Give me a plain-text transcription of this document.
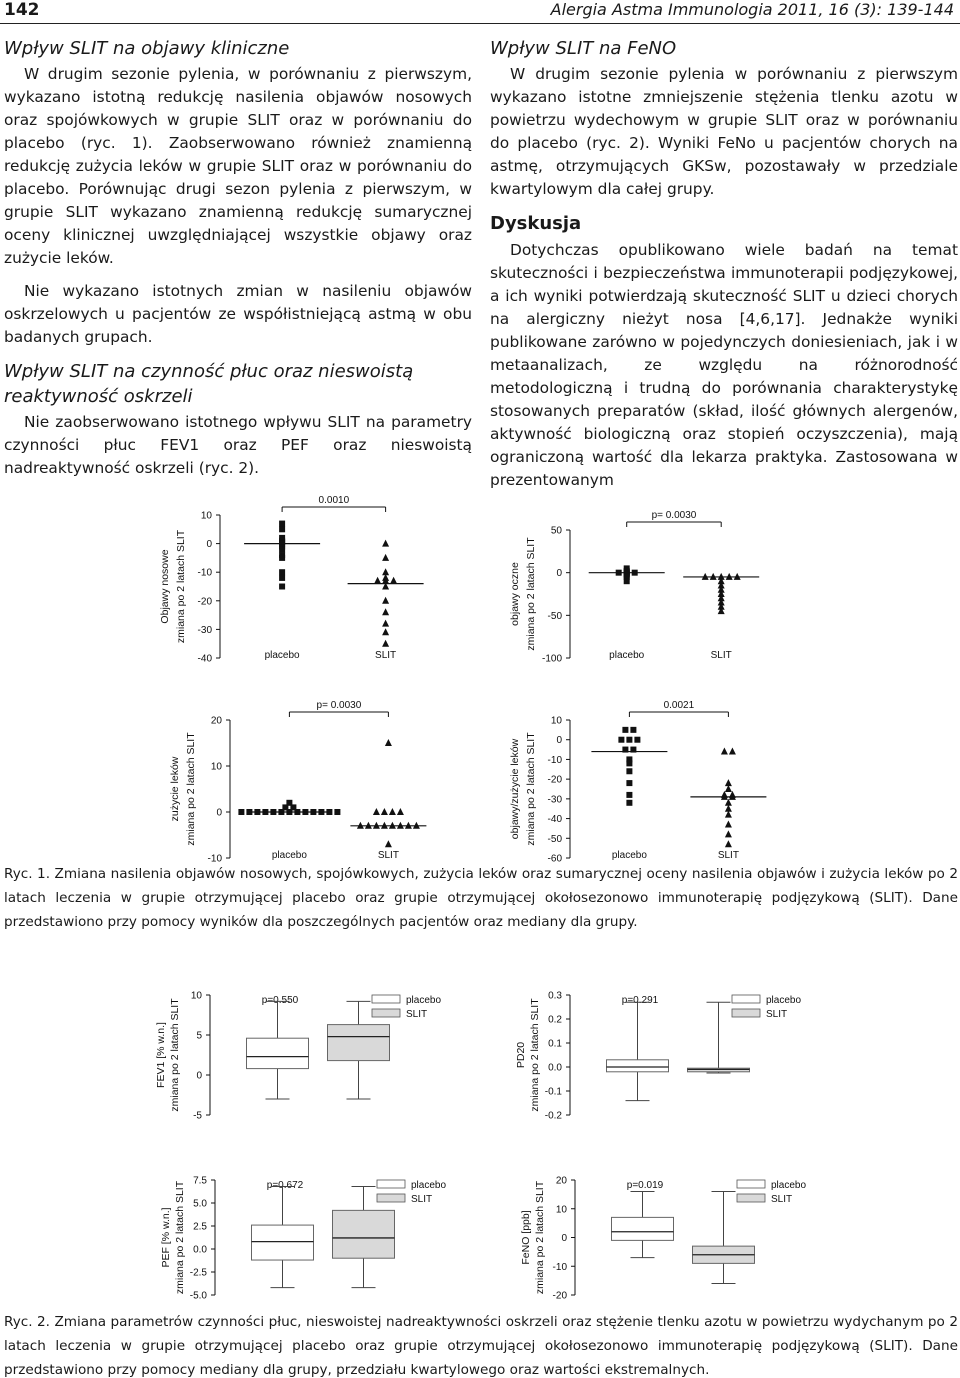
142	Alergia Astma Immunologia 2011, 16 (3): 139-144
Wpływ SLIT na objawy kliniczne

W drugim sezonie pylenia, w porównaniu z pierwszym, wykazano istotną redukcję nasilenia objawów nosowych oraz spojówkowych w grupie SLIT oraz w porównaniu do placebo (ryc. 1). Zaobserwowano również znamienną redukcję zużycia leków w grupie SLIT oraz w porównaniu do placebo. Porównując drugi sezon pylenia z pierwszym, w grupie SLIT wykazano znamienną redukcję sumarycznej oceny klinicznej uwzględniającej wszystkie objawy oraz zużycie leków.

Nie wykazano istotnych zmian w nasileniu objawów oskrzelowych u pacjentów ze współistniejącą astmą w obu badanych grupach.

Wpływ SLIT na czynność płuc oraz nieswoistą
reaktywność oskrzeli

Nie zaobserwowano istotnego wpływu SLIT na parametry czynności płuc FEV1 oraz PEF oraz nieswoistą nadreaktywność oskrzeli (ryc. 2).

Wpływ SLIT na FeNO

W drugim sezonie pylenia w porównaniu z pierwszym wykazano istotne zmniejszenie stężenia tlenku azotu w powietrzu wydechowym w grupie SLIT oraz w porównaniu do placebo (ryc. 2). Wyniki FeNo u pacjentów chorych na astmę, otrzymujących GKSw, pozostawały w przedziale kwartylowym dla całej grupy.

Dyskusja

Dotychczas opublikowano wiele badań na temat skuteczności i bezpieczeństwa immunoterapii podjęzykowej, a ich wyniki potwierdzają skuteczność SLIT u dzieci chorych na alergiczny nieżyt nosa [4,6,17]. Jednakże wyniki publikowane zarówno w pojedynczych doniesieniach, jak i w metaanalizach, ze względu na różnorodność metodologiczną i trudną do porównania charakterystykę stosowanych preparatów (skład, ilość głównych alergenów, aktywność biologiczną oraz stopień oczyszczenia), mają ograniczoną wartość dla lekarza praktyka. Zastosowana w prezentowanym

Objawy nosowe zmiana po 2 latach SLIT
10
0
-10
-20
-30
-40
0.0010
placebo	SLIT
objawy oczne zmiana po 2 latach SLIT
50
0
-50
-100
p= 0.0030
placebo	SLIT
zużycie leków zmiana po 2 latach SLIT
20
10
0
-10
p= 0.0030
placebo	SLIT
objawy/zużycie leków zmiana po 2 latach SLIT
10
0
-10
-20
-30
-40
-50
-60
0.0021
placebo	SLIT
Ryc. 1. Zmiana nasilenia objawów nosowych, spojówkowych, zużycia leków oraz sumarycznej oceny nasilenia objawów i zużycia leków po 2 latach leczenia w grupie otrzymującej placebo oraz grupie otrzymującej okołosezonowo immunoterapię podjęzykową (SLIT). Dane przedstawiono przy pomocy wyników dla poszczególnych pacjentów oraz mediany dla grupy.
FEV1 [% w.n.] zmiana po 2 latach SLIT
10
5
0
-5
p=0.550	placebo
SLIT
PD20 zmiana po 2 latach SLIT
0.3
0.2
0.1
0.0
-0.1
-0.2
p=0.291	placebo
SLIT
PEF [% w.n.] zmiana po 2 latach SLIT 7.5
5.0
2.5
0.0
-2.5
-5.0
p=0.672	placebo
SLIT
FeNO [ppb] zmiana po 2 latach SLIT 20
10
0
-10
-20
p=0.019	placebo
SLIT
Ryc. 2. Zmiana parametrów czynności płuc, nieswoistej nadreaktywności oskrzeli oraz stężenie tlenku azotu w powietrzu wydychanym po 2 latach leczenia w grupie otrzymującej placebo oraz grupie otrzymującej okołosezonowo immunoterapię podjęzykową (SLIT). Dane przedstawiono przy pomocy mediany dla grupy, przedziału kwartylowego oraz wartości ekstremalnych.
